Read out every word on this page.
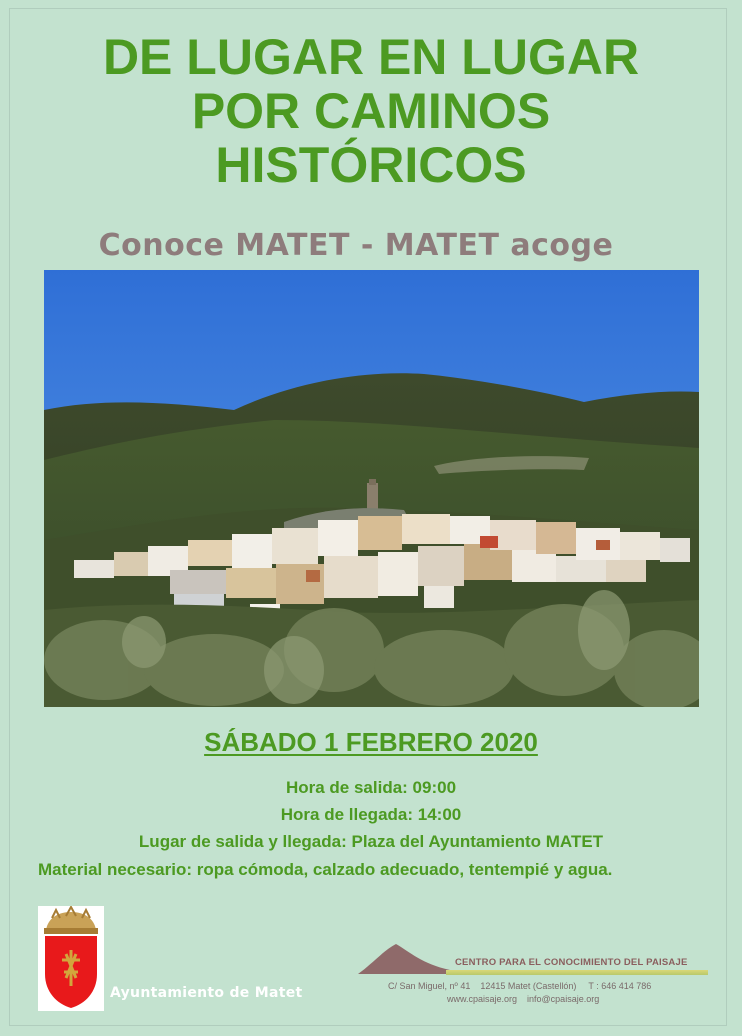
DE LUGAR EN LUGAR
POR CAMINOS
HISTÓRICOS
Conoce MATET - MATET acoge
SÁBADO 1 FEBRERO 2020
Hora de salida: 09:00
Hora de llegada: 14:00
Lugar de salida y llegada: Plaza del Ayuntamiento MATET
Material necesario: ropa cómoda, calzado adecuado, tentempié y agua.
Ayuntamiento de Matet
CENTRO PARA EL CONOCIMIENTO DEL PAISAJE
C/ San Miguel, nº 41 12415 Matet (Castellón) T : 646 414 786
www.cpaisaje.org info@cpaisaje.org
